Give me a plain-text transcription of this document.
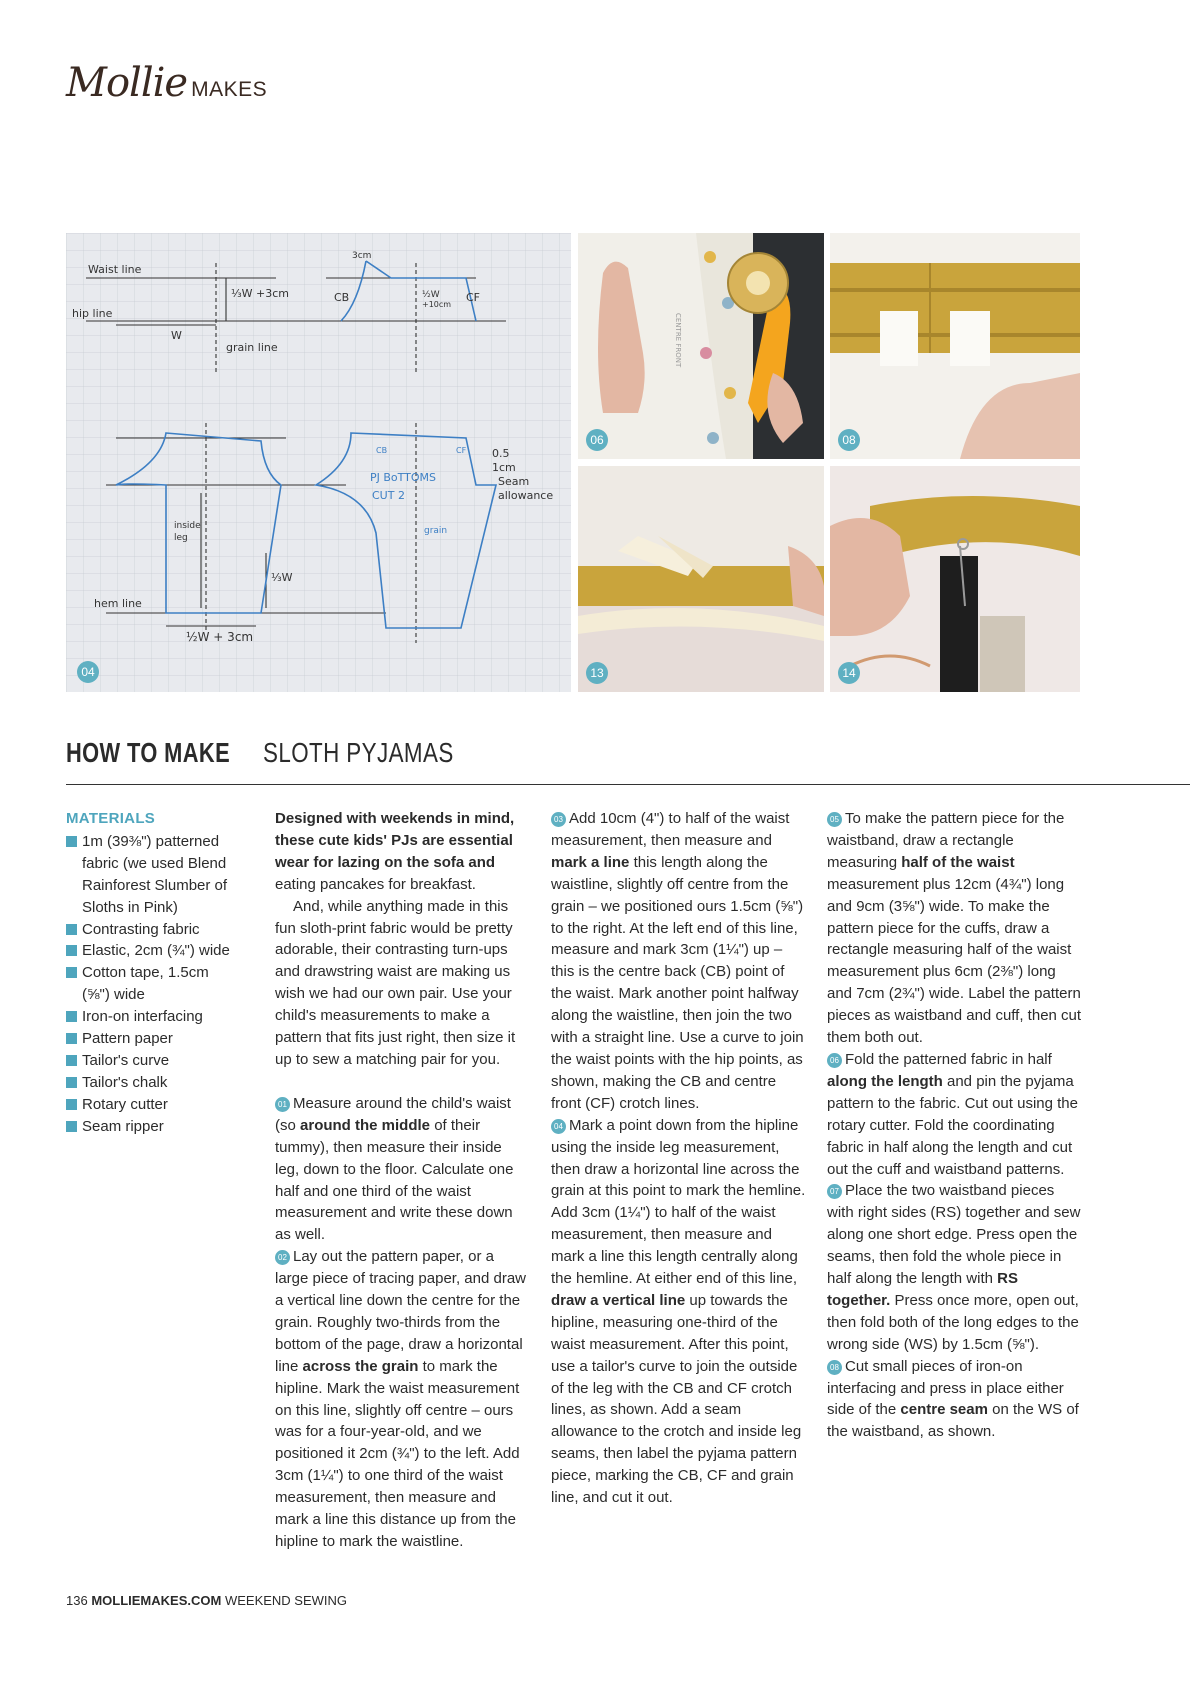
Mollie MAKES
Waist line
hip line
W
⅓W +3cm
grain line
3cm
CB	CF
½W
+10cm
CB	CF 0.5
1cm
Seam
allowance
PJ BoTTOMS
CUT 2
grain
inside
leg
⅓W
hem line
½W + 3cm
04
CENTRE FRONT
06	08
13	14
HOW TO MAKE SLOTH PYJAMAS
MATERIALS
1m (39⅜") patterned fabric (we used Blend Rainforest Slumber of Sloths in Pink)
Contrasting fabric
Elastic, 2cm (¾") wide
Cotton tape, 1.5cm (⅝") wide
Iron-on interfacing
Pattern paper
Tailor's curve
Tailor's chalk
Rotary cutter
Seam ripper

Designed with weekends in mind, these cute kids' PJs are essential wear for lazing on the sofa and eating pancakes for breakfast.

And, while anything made in this fun sloth-print fabric would be pretty adorable, their contrasting turn-ups and drawstring waist are making us wish we had our own pair. Use your child's measurements to make a pattern that fits just right, then size it up to sew a matching pair for you.

01 Measure around the child's waist (so around the middle of their tummy), then measure their inside leg, down to the floor. Calculate one half and one third of the waist measurement and write these down as well.

02 Lay out the pattern paper, or a large piece of tracing paper, and draw a vertical line down the centre for the grain. Roughly two-thirds from the bottom of the page, draw a horizontal line across the grain to mark the hipline. Mark the waist measurement on this line, slightly off centre – ours was for a four-year-old, and we positioned it 2cm (¾") to the left. Add 3cm (1¼") to one third of the waist measurement, then measure and mark a line this distance up from the hipline to mark the waistline.

03 Add 10cm (4") to half of the waist measurement, then measure and mark a line this length along the waistline, slightly off centre from the grain – we positioned ours 1.5cm (⅝") to the right. At the left end of this line, measure and mark 3cm (1¼") up – this is the centre back (CB) point of the waist. Mark another point halfway along the waistline, then join the two with a straight line. Use a curve to join the waist points with the hip points, as shown, making the CB and centre front (CF) crotch lines.

04 Mark a point down from the hipline using the inside leg measurement, then draw a horizontal line across the grain at this point to mark the hemline. Add 3cm (1¼") to half of the waist measurement, then measure and mark a line this length centrally along the hemline. At either end of this line, draw a vertical line up towards the hipline, measuring one-third of the waist measurement. After this point, use a tailor's curve to join the outside of the leg with the CB and CF crotch lines, as shown. Add a seam allowance to the crotch and inside leg seams, then label the pyjama pattern piece, marking the CB, CF and grain line, and cut it out.

05 To make the pattern piece for the waistband, draw a rectangle measuring half of the waist measurement plus 12cm (4¾") long and 9cm (3⅝") wide. To make the pattern piece for the cuffs, draw a rectangle measuring half of the waist measurement plus 6cm (2⅜") long and 7cm (2¾") wide. Label the pattern pieces as waistband and cuff, then cut them both out.

06 Fold the patterned fabric in half along the length and pin the pyjama pattern to the fabric. Cut out using the rotary cutter. Fold the coordinating fabric in half along the length and cut out the cuff and waistband patterns.

07 Place the two waistband pieces with right sides (RS) together and sew along one short edge. Press open the seams, then fold the whole piece in half along the length with RS together. Press once more, open out, then fold both of the long edges to the wrong side (WS) by 1.5cm (⅝").

08 Cut small pieces of iron-on interfacing and press in place either side of the centre seam on the WS of the waistband, as shown.

136 MOLLIEMAKES.COM WEEKEND SEWING
